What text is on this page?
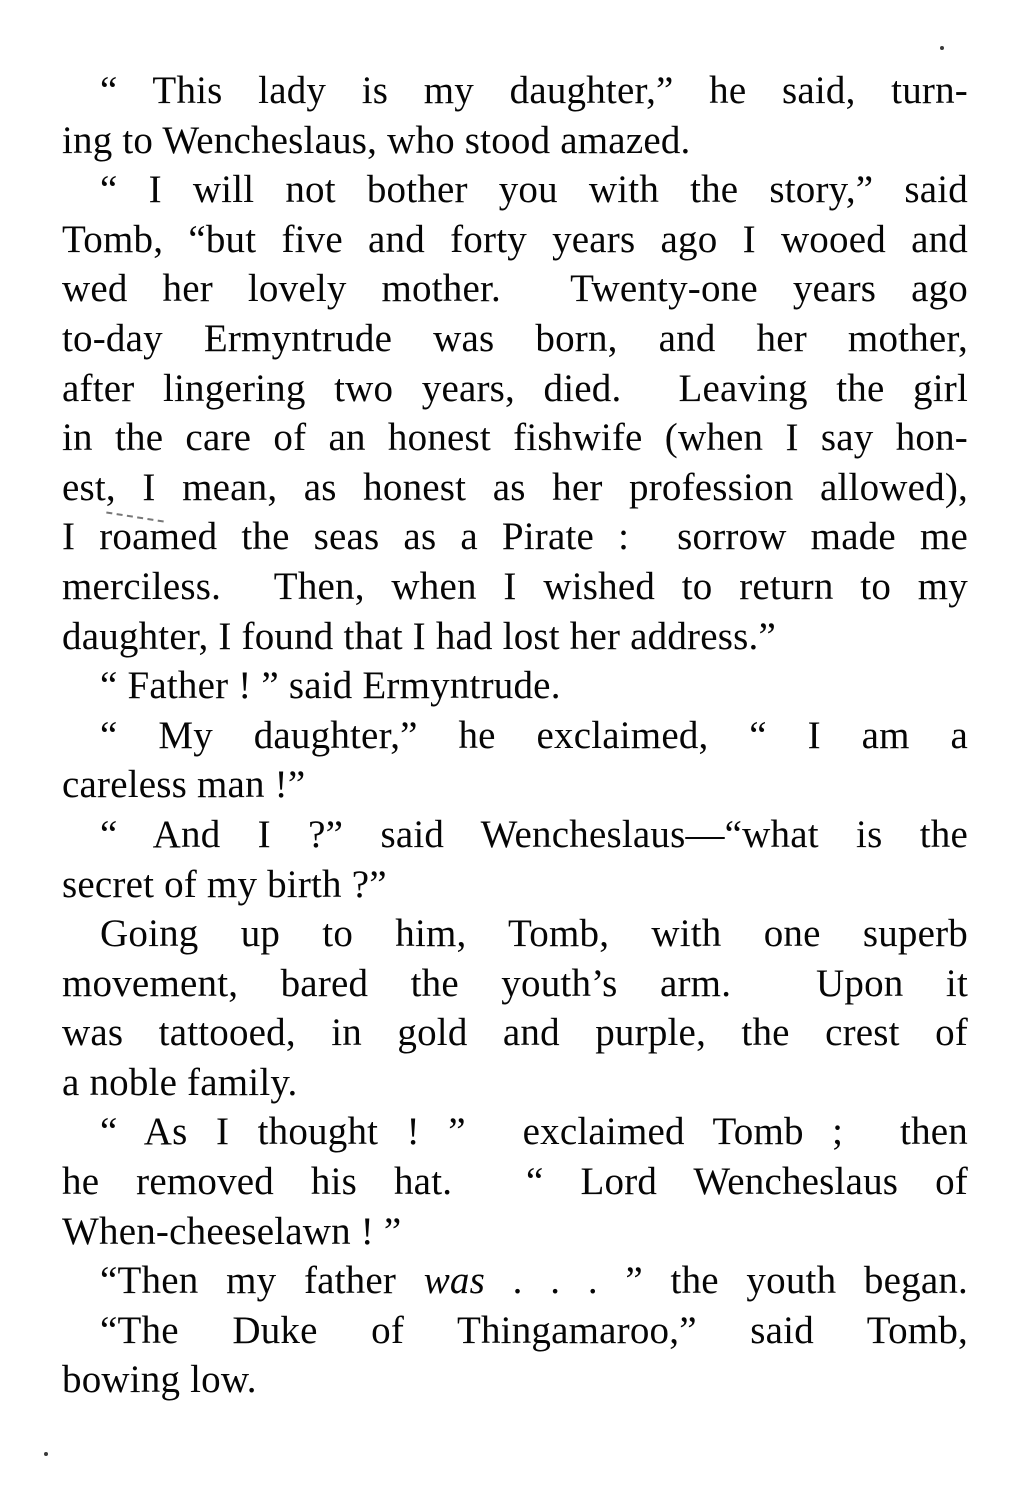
“ This lady is my daughter,” he said, turn-
ing to Wencheslaus, who stood amazed.
“ I will not bother you with the story,” said
Tomb, “but five and forty years ago I wooed and
wed her lovely mother.  Twenty-one years ago
to-day Ermyntrude was born, and her mother,
after lingering two years, died.  Leaving the girl
in the care of an honest fishwife (when I say hon-
est, I mean, as honest as her profession allowed),
I roamed the seas as a Pirate :  sorrow made me
merciless.  Then, when I wished to return to my
daughter, I found that I had lost her address.”
“ Father ! ” said Ermyntrude.
“ My daughter,” he exclaimed, “ I am a
careless man !”
“ And I ?” said Wencheslaus—“what is the
secret of my birth ?”
Going up to him, Tomb, with one superb
movement, bared the youth’s arm.  Upon it
was tattooed, in gold and purple, the crest of
a noble family.
“ As I thought ! ”  exclaimed Tomb ;  then
he removed his hat.  “ Lord Wencheslaus of
When-cheeselawn ! ”
“Then my father was . . . ” the youth began.
“The Duke of Thingamaroo,” said Tomb,
bowing low.
